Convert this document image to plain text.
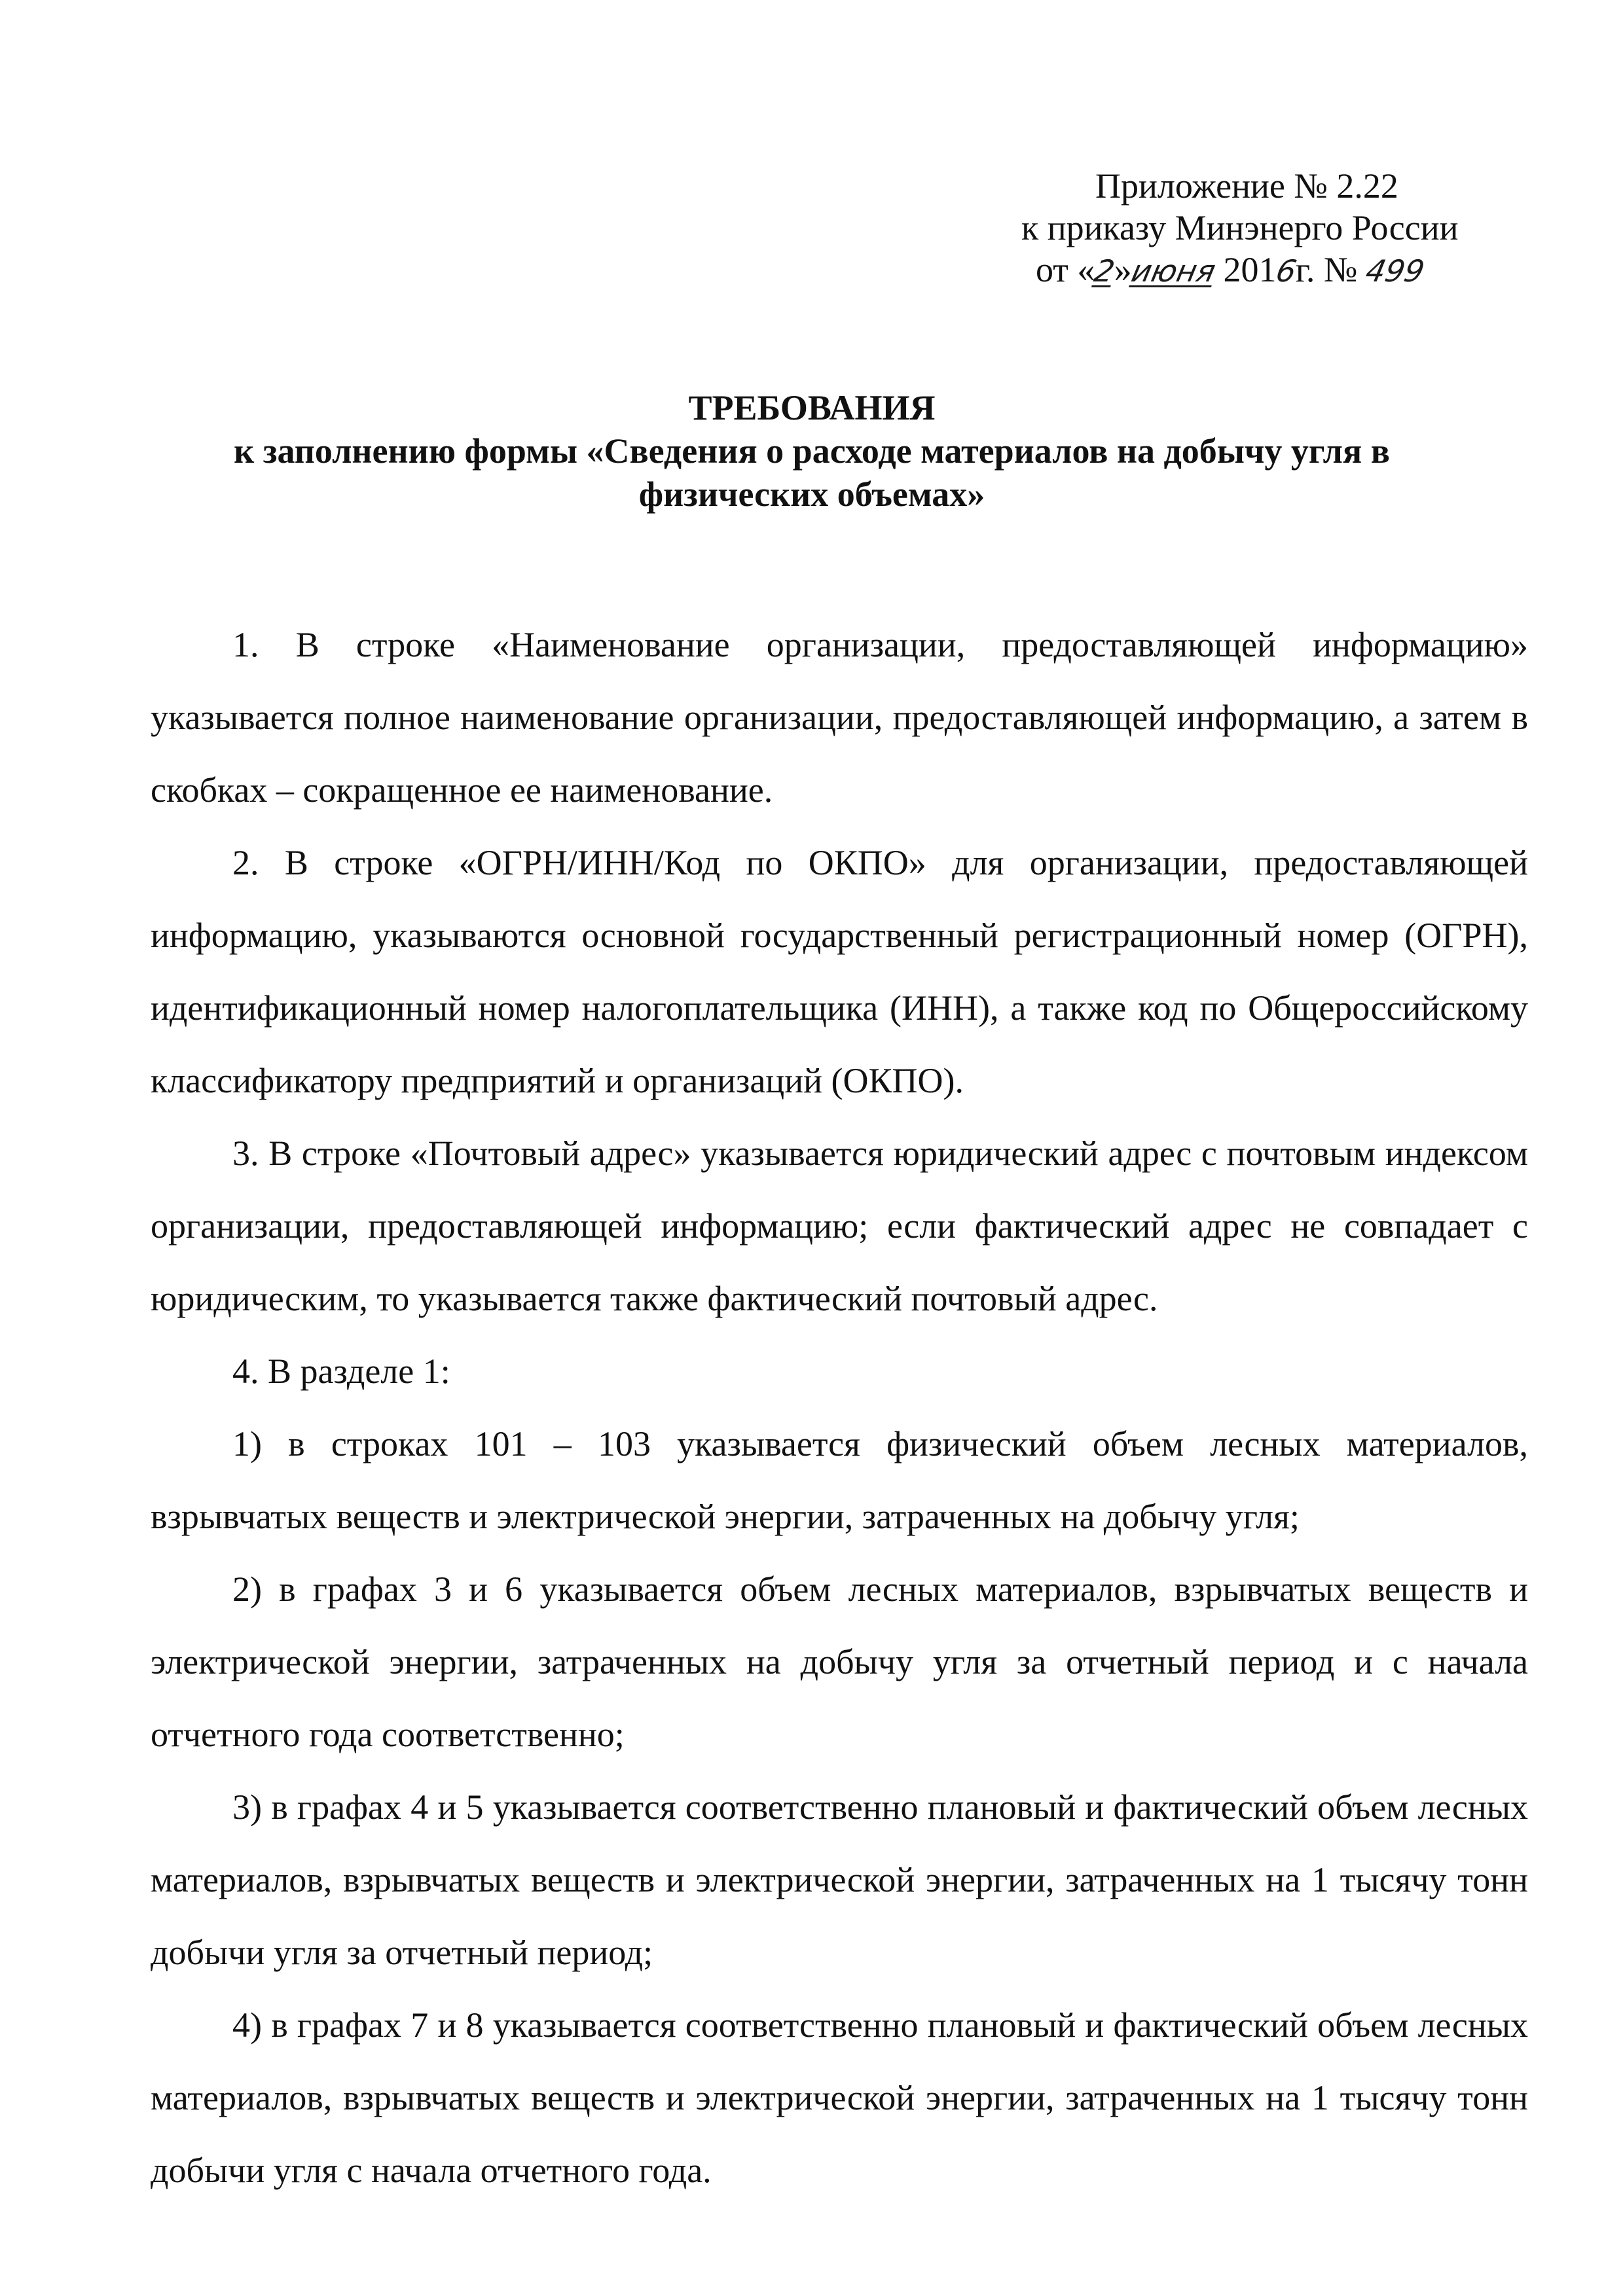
Приложение № 2.22
к приказу Минэнерго России
от «2»июня 2016г. № 499
ТРЕБОВАНИЯ
к заполнению формы «Сведения о расходе материалов на добычу угля в
физических объемах»

1. В строке «Наименование организации, предоставляющей информацию» указывается полное наименование организации, предоставляющей информацию, а затем в скобках – сокращенное ее наименование.

2. В строке «ОГРН/ИНН/Код по ОКПО» для организации, предоставляющей информацию, указываются основной государственный регистрационный номер (ОГРН), идентификационный номер налогоплательщика (ИНН), а также код по Общероссийскому классификатору предприятий и организаций (ОКПО).

3. В строке «Почтовый адрес» указывается юридический адрес с почтовым индексом организации, предоставляющей информацию; если фактический адрес не совпадает с юридическим, то указывается также фактический почтовый адрес.

4. В разделе 1:

1) в строках 101 – 103 указывается физический объем лесных материалов, взрывчатых веществ и электрической энергии, затраченных на добычу угля;

2) в графах 3 и 6 указывается объем лесных материалов, взрывчатых веществ и электрической энергии, затраченных на добычу угля за отчетный период и с начала отчетного года соответственно;

3) в графах 4 и 5 указывается соответственно плановый и фактический объем лесных материалов, взрывчатых веществ и электрической энергии, затраченных на 1 тысячу тонн добычи угля за отчетный период;

4) в графах 7 и 8 указывается соответственно плановый и фактический объем лесных материалов, взрывчатых веществ и электрической энергии, затраченных на 1 тысячу тонн добычи угля с начала отчетного года.
